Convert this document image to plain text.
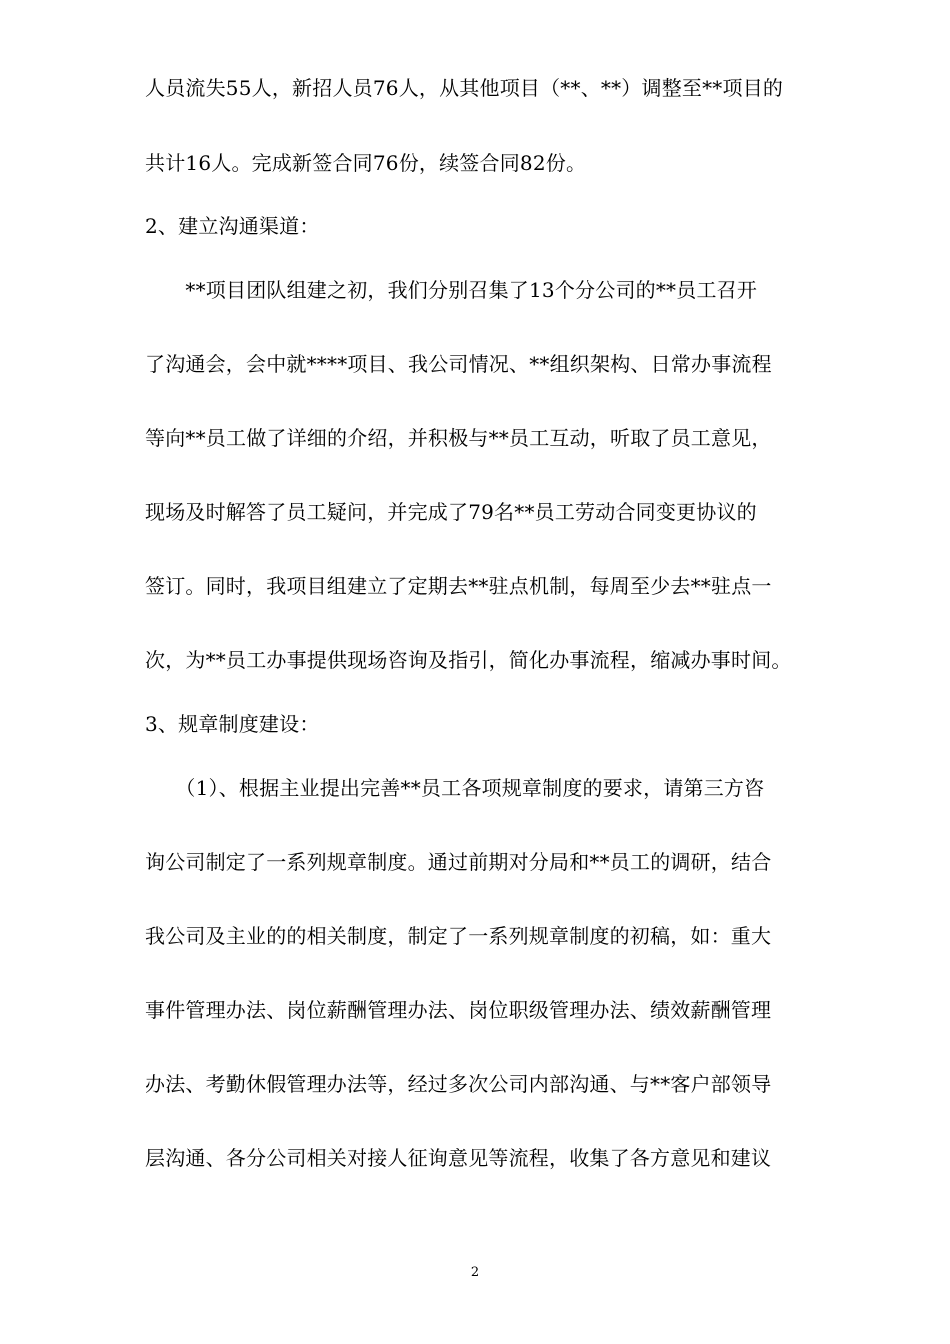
人员流失55人，新招人员76人，从其他项目（**、**）调整至**项目的
共计16人。完成新签合同76份，续签合同82份。
2、建立沟通渠道：
　　**项目团队组建之初，我们分别召集了13个分公司的**员工召开
了沟通会，会中就****项目、我公司情况、**组织架构、日常办事流程
等向**员工做了详细的介绍，并积极与**员工互动，听取了员工意见，
现场及时解答了员工疑问，并完成了79名**员工劳动合同变更协议的
签订。同时，我项目组建立了定期去**驻点机制，每周至少去**驻点一
次，为**员工办事提供现场咨询及指引，简化办事流程，缩减办事时间。
3、规章制度建设：
　　（1）、根据主业提出完善**员工各项规章制度的要求，请第三方咨
询公司制定了一系列规章制度。通过前期对分局和**员工的调研，结合
我公司及主业的的相关制度，制定了一系列规章制度的初稿，如：重大
事件管理办法、岗位薪酬管理办法、岗位职级管理办法、绩效薪酬管理
办法、考勤休假管理办法等，经过多次公司内部沟通、与**客户部领导
层沟通、各分公司相关对接人征询意见等流程，收集了各方意见和建议
2
